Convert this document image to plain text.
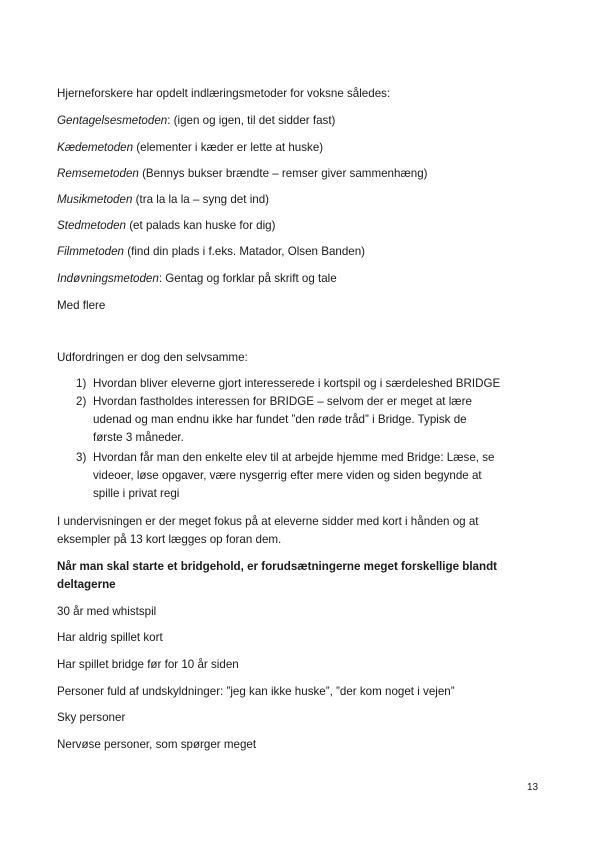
Hjerneforskere har opdelt indlæringsmetoder for voksne således:
Gentagelsesmetoden: (igen og igen, til det sidder fast)
Kædemetoden (elementer i kæder er lette at huske)
Remsemetoden (Bennys bukser brændte – remser giver sammenhæng)
Musikmetoden (tra la la la – syng det ind)
Stedmetoden (et palads kan huske for dig)
Filmmetoden (find din plads i f.eks. Matador, Olsen Banden)
Indøvningsmetoden: Gentag og forklar på skrift og tale
Med flere
Udfordringen er dog den selvsamme:
1) Hvordan bliver eleverne gjort interesserede i kortspil og i særdeleshed BRIDGE
2) Hvordan fastholdes interessen for BRIDGE – selvom der er meget at lære
udenad og man endnu ikke har fundet ”den røde tråd” i Bridge. Typisk de
første 3 måneder.
3) Hvordan får man den enkelte elev til at arbejde hjemme med Bridge: Læse, se
videoer, løse opgaver, være nysgerrig efter mere viden og siden begynde at
spille i privat regi
I undervisningen er der meget fokus på at eleverne sidder med kort i hånden og at
eksempler på 13 kort lægges op foran dem.
Når man skal starte et bridgehold, er forudsætningerne meget forskellige blandt
deltagerne
30 år med whistspil
Har aldrig spillet kort
Har spillet bridge før for 10 år siden
Personer fuld af undskyldninger: ”jeg kan ikke huske”, ”der kom noget i vejen”
Sky personer
Nervøse personer, som spørger meget
13
